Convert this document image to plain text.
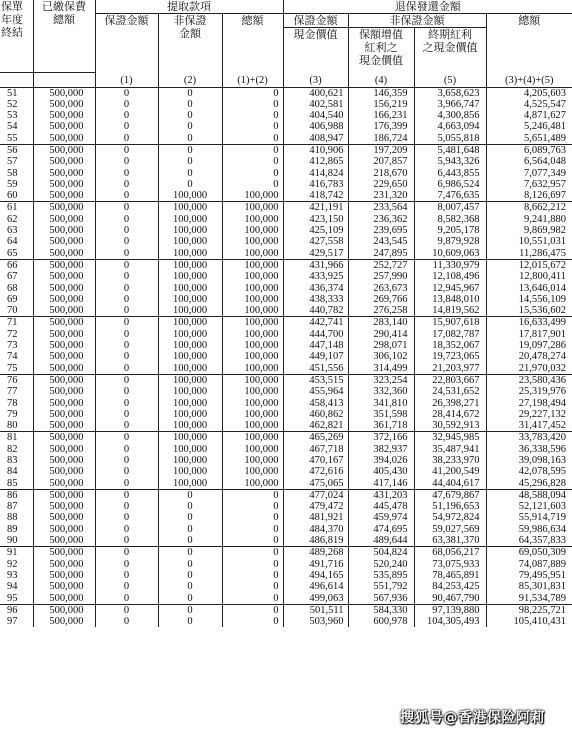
保單
年度
終結	已繳保費
總額	提取款項			退保發還金額			
		保證金額	非保證
金額	總額	保證金額	非保證金額		總額
					現金價值	保額增值
紅利之
現金價值	終期紅利
之現金價值	
		(1)	(2)	(1)+(2)	(3)	(4)	(5)	(3)+(4)+(5)
51	500,000	0	0	0	400,621	146,359	3,658,623	4,205,603
52	500,000	0	0	0	402,581	156,219	3,966,747	4,525,547
53	500,000	0	0	0	404,540	166,231	4,300,856	4,871,627
54	500,000	0	0	0	406,988	176,399	4,663,094	5,246,481
55	500,000	0	0	0	408,947	186,724	5,055,818	5,651,489
56	500,000	0	0	0	410,906	197,209	5,481,648	6,089,763
57	500,000	0	0	0	412,865	207,857	5,943,326	6,564,048
58	500,000	0	0	0	414,824	218,670	6,443,855	7,077,349
59	500,000	0	0	0	416,783	229,650	6,986,524	7,632,957
60	500,000	0	100,000	100,000	418,742	231,320	7,476,635	8,126,697
61	500,000	0	100,000	100,000	421,191	233,564	8,007,457	8,662,212
62	500,000	0	100,000	100,000	423,150	236,362	8,582,368	9,241,880
63	500,000	0	100,000	100,000	425,109	239,695	9,205,178	9,869,982
64	500,000	0	100,000	100,000	427,558	243,545	9,879,928	10,551,031
65	500,000	0	100,000	100,000	429,517	247,895	10,609,063	11,286,475
66	500,000	0	100,000	100,000	431,966	252,727	11,330,979	12,015,672
67	500,000	0	100,000	100,000	433,925	257,990	12,108,496	12,800,411
68	500,000	0	100,000	100,000	436,374	263,673	12,945,967	13,646,014
69	500,000	0	100,000	100,000	438,333	269,766	13,848,010	14,556,109
70	500,000	0	100,000	100,000	440,782	276,258	14,819,562	15,536,602
71	500,000	0	100,000	100,000	442,741	283,140	15,907,618	16,633,499
72	500,000	0	100,000	100,000	444,700	290,414	17,082,787	17,817,901
73	500,000	0	100,000	100,000	447,148	298,071	18,352,067	19,097,286
74	500,000	0	100,000	100,000	449,107	306,102	19,723,065	20,478,274
75	500,000	0	100,000	100,000	451,556	314,499	21,203,977	21,970,032
76	500,000	0	100,000	100,000	453,515	323,254	22,803,667	23,580,436
77	500,000	0	100,000	100,000	455,964	332,360	24,531,652	25,319,976
78	500,000	0	100,000	100,000	458,413	341,810	26,398,271	27,198,494
79	500,000	0	100,000	100,000	460,862	351,598	28,414,672	29,227,132
80	500,000	0	100,000	100,000	462,821	361,718	30,592,913	31,417,452
81	500,000	0	100,000	100,000	465,269	372,166	32,945,985	33,783,420
82	500,000	0	100,000	100,000	467,718	382,937	35,487,941	36,338,596
83	500,000	0	100,000	100,000	470,167	394,026	38,233,970	39,098,163
84	500,000	0	100,000	100,000	472,616	405,430	41,200,549	42,078,595
85	500,000	0	100,000	100,000	475,065	417,146	44,404,617	45,296,828
86	500,000	0	0	0	477,024	431,203	47,679,867	48,588,094
87	500,000	0	0	0	479,472	445,478	51,196,653	52,121,603
88	500,000	0	0	0	481,921	459,974	54,972,824	55,914,719
89	500,000	0	0	0	484,370	474,695	59,027,569	59,986,634
90	500,000	0	0	0	486,819	489,644	63,381,370	64,357,833
91	500,000	0	0	0	489,268	504,824	68,056,217	69,050,309
92	500,000	0	0	0	491,716	520,240	73,075,933	74,087,889
93	500,000	0	0	0	494,165	535,895	78,465,891	79,495,951
94	500,000	0	0	0	496,614	551,792	84,253,425	85,301,831
95	500,000	0	0	0	499,063	567,936	90,467,790	91,534,789
96	500,000	0	0	0	501,511	584,330	97,139,880	98,225,721
97	500,000	0	0	0	503,960	600,978	104,305,493	105,410,431
搜狐号@香港保险阿莉
